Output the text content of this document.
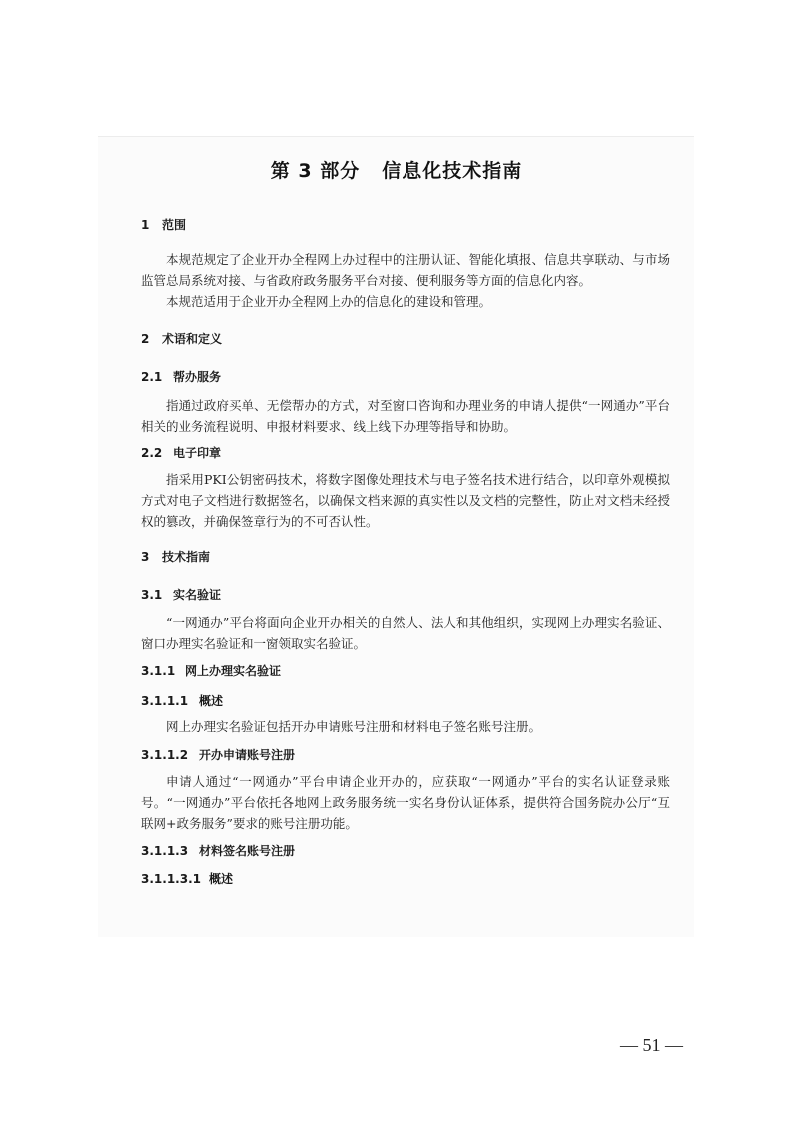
第 3 部分 信息化技术指南
1 范围
本规范规定了企业开办全程网上办过程中的注册认证、智能化填报、信息共享联动、与市场监管总局系统对接、与省政府政务服务平台对接、便利服务等方面的信息化内容。
本规范适用于企业开办全程网上办的信息化的建设和管理。
2 术语和定义
2.1 帮办服务
指通过政府买单、无偿帮办的方式，对至窗口咨询和办理业务的申请人提供“一网通办”平台相关的业务流程说明、申报材料要求、线上线下办理等指导和协助。
2.2 电子印章
指采用PKI公钥密码技术，将数字图像处理技术与电子签名技术进行结合，以印章外观模拟方式对电子文档进行数据签名，以确保文档来源的真实性以及文档的完整性，防止对文档未经授权的篡改，并确保签章行为的不可否认性。
3 技术指南
3.1 实名验证
“一网通办”平台将面向企业开办相关的自然人、法人和其他组织，实现网上办理实名验证、窗口办理实名验证和一窗领取实名验证。
3.1.1 网上办理实名验证
3.1.1.1 概述
网上办理实名验证包括开办申请账号注册和材料电子签名账号注册。
3.1.1.2 开办申请账号注册
申请人通过“一网通办”平台申请企业开办的，应获取“一网通办”平台的实名认证登录账号。“一网通办”平台依托各地网上政务服务统一实名身份认证体系，提供符合国务院办公厅“互联网+政务服务”要求的账号注册功能。
3.1.1.3 材料签名账号注册
3.1.1.3.1 概述
— 51 —
